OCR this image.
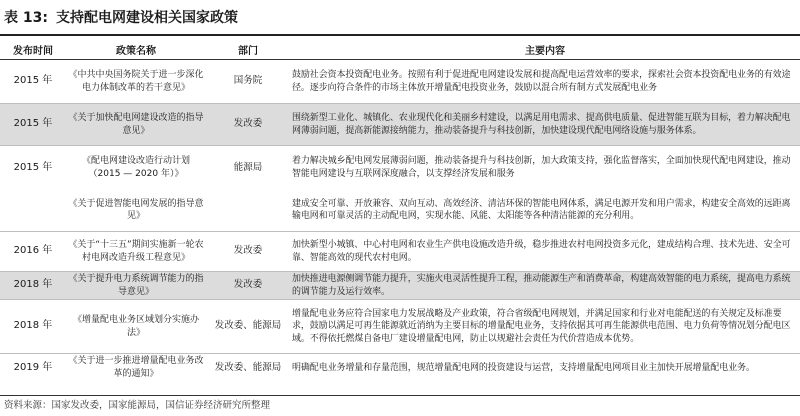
表 13: 支持配电网建设相关国家政策
发布时间	政策名称	部门	主要内容
2015 年	《中共中央国务院关于进一步深化电力体制改革的若干意见》	国务院	鼓励社会资本投资配电业务。按照有利于促进配电网建设发展和提高配电运营效率的要求，探索社会资本投资配电业务的有效途径。逐步向符合条件的市场主体放开增量配电投资业务，鼓励以混合所有制方式发展配电业务
2015 年	《关于加快配电网建设改造的指导意见》	发改委	围绕新型工业化、城镇化、农业现代化和美丽乡村建设，以满足用电需求、提高供电质量、促进智能互联为目标，着力解决配电网薄弱问题，提高新能源接纳能力，推动装备提升与科技创新，加快建设现代配电网络设施与服务体系。
2015 年	《配电网建设改造行动计划（2015 — 2020 年）》	能源局	着力解决城乡配电网发展薄弱问题，推动装备提升与科技创新，加大政策支持，强化监督落实，全面加快现代配电网建设，推动智能电网建设与互联网深度融合，以支撑经济发展和服务
	《关于促进智能电网发展的指导意见》		建成安全可靠、开放兼容、双向互动、高效经济、清洁环保的智能电网体系，满足电源开发和用户需求，构建安全高效的远距离输电网和可靠灵活的主动配电网，实现水能、风能、太阳能等各种清洁能源的充分利用。
2016 年	《关于“十三五”期间实施新一轮农村电网改造升级工程意见》	发改委	加快新型小城镇、中心村电网和农业生产供电设施改造升级，稳步推进农村电网投资多元化，建成结构合理、技术先进、安全可靠、智能高效的现代农村电网。
2018 年	《关于提升电力系统调节能力的指导意见》	发改委	加快推进电源侧调节能力提升，实施火电灵活性提升工程，推动能源生产和消费革命，构建高效智能的电力系统，提高电力系统的调节能力及运行效率。
2018 年	《增量配电业务区域划分实施办法》	发改委、能源局	增量配电业务应符合国家电力发展战略及产业政策，符合省级配电网规划，并满足国家和行业对电能配送的有关规定及标准要求，鼓励以满足可再生能源就近消纳为主要目标的增量配电业务，支持依据其可再生能源供电范围、电力负荷等情况划分配电区域。不得依托燃煤自备电厂建设增量配电网，防止以规避社会责任为代价营造成本优势。
2019 年	《关于进一步推进增量配电业务改革的通知》	发改委、能源局	明确配电业务增量和存量范围，规范增量配电网的投资建设与运营，支持增量配电网项目业主加快开展增量配电业务。
资料来源：国家发改委，国家能源局，国信证券经济研究所整理
